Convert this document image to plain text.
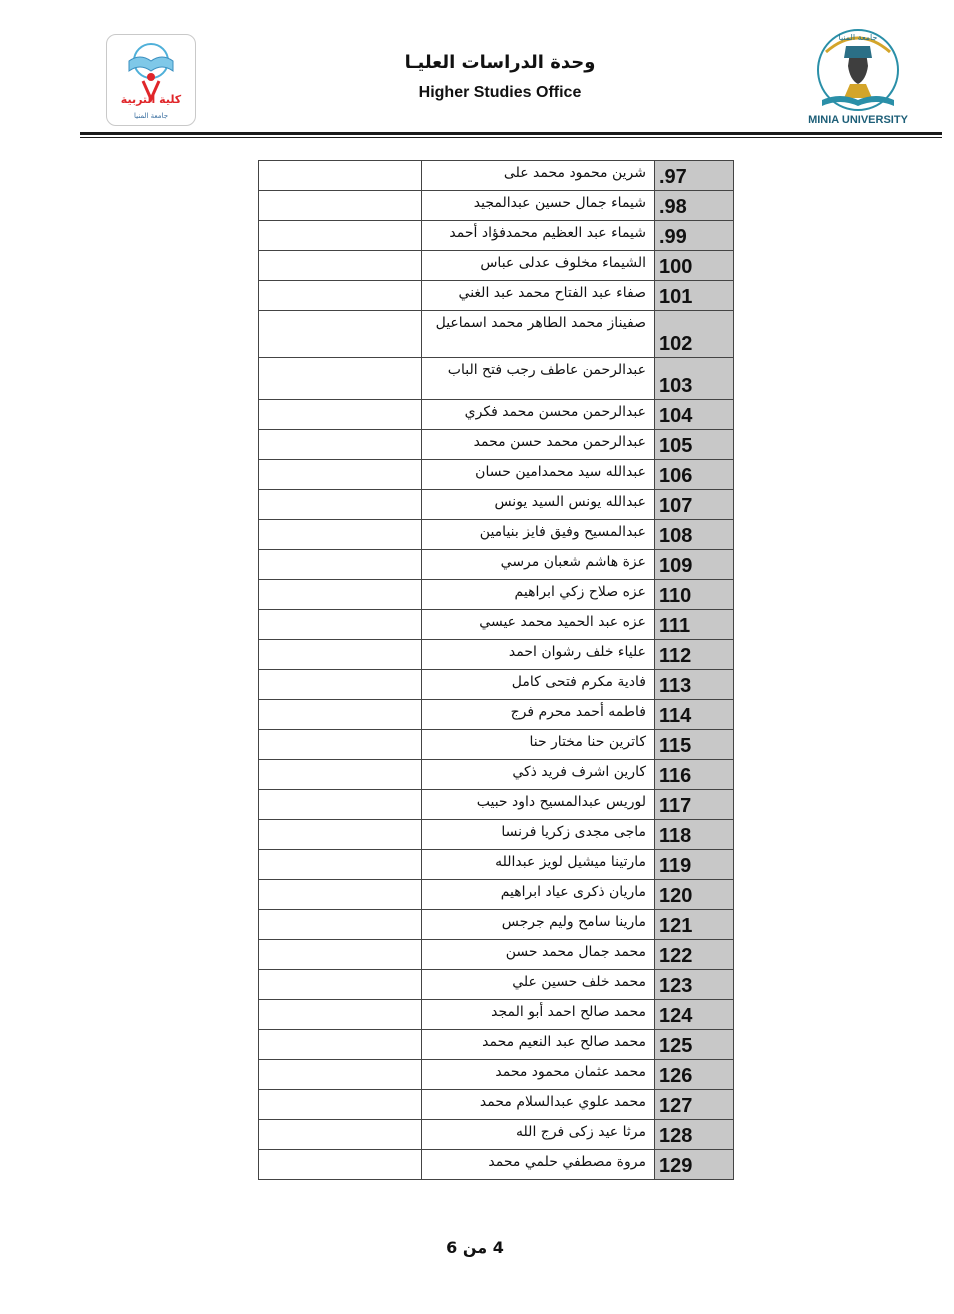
كلية التربية
جامعة المنيا
وحدة الدراسات العليـا
Higher Studies Office
جامعة المنيا
MINIA UNIVERSITY

	شرين محمود محمد على	.97

	شيماء جمال حسين عبدالمجيد	.98

	شيماء عبد العظيم محمدفؤاد أحمد	.99

	الشيماء مخلوف عدلى عباس	100

	صفاء عبد الفتاح محمد عبد الغني	101

	صفيناز محمد الطاهر محمد اسماعيل	102

	عبدالرحمن عاطف رجب فتح الباب	103

	عبدالرحمن محسن محمد فكري	104

	عبدالرحمن محمد حسن محمد	105

	عبدالله سيد محمدامين حسان	106

	عبدالله يونس السيد يونس	107

	عبدالمسيح وفيق فايز بنيامين	108

	عزة هاشم شعبان مرسي	109

	عزه صلاح زكي ابراهيم	110

	عزه عبد الحميد محمد عيسي	111

	علياء خلف رشوان احمد	112

	فادية مكرم فتحى كامل	113

	فاطمه أحمد محرم فرج	114

	كاترين حنا مختار حنا	115

	كارين اشرف فريد ذكي	116

	لوريس عبدالمسيح داود حبيب	117

	ماجى مجدى زكريا فرنسا	118

	مارتينا ميشيل لويز عبدالله	119

	ماريان ذكرى عياد ابراهيم	120

	مارينا سامح وليم جرجس	121

	محمد جمال محمد حسن	122

	محمد خلف حسين علي	123

	محمد صالح احمد أبو المجد	124

	محمد صالح عبد النعيم محمد	125

	محمد عثمان محمود محمد	126

	محمد علوي عبدالسلام محمد	127

	مرثا عيد زكى فرج الله	128

	مروة مصطفي حلمي محمد	129
4 من 6
